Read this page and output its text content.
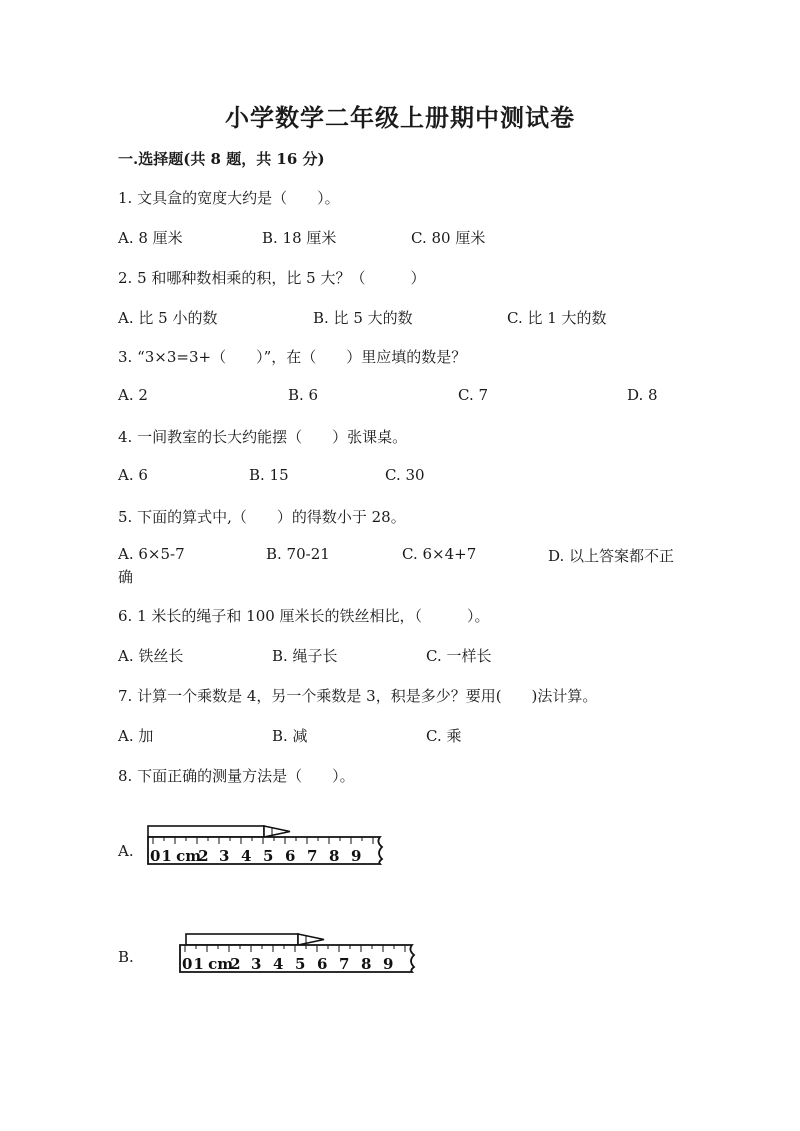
小学数学二年级上册期中测试卷
一.选择题(共 8 题，共 16 分)
1. 文具盒的宽度大约是（　　）。
A. 8 厘米	B. 18 厘米	C. 80 厘米
2. 5 和哪种数相乘的积，比 5 大？（　　　）
A. 比 5 小的数	B. 比 5 大的数	C. 比 1 大的数
3. “3×3=3+（　　）”，在（　　）里应填的数是？
A. 2	B. 6	C. 7	D. 8
4. 一间教室的长大约能摆（　　）张课桌。
A. 6	B. 15	C. 30
5. 下面的算式中,（　　）的得数小于 28。
A. 6×5-7	B. 70-21	C. 6×4+7	D. 以上答案都不正
确
6. 1 米长的绳子和 100 厘米长的铁丝相比，（　　　）。
A. 铁丝长	B. 绳子长	C. 一样长
7. 计算一个乘数是 4，另一个乘数是 3，积是多少？要用(　　)法计算。
A. 加	B. 减	C. 乘
8. 下面正确的测量方法是（　　）。
A.
B.
0 1 cm
2 3 4 5 6 7 8 9
0 1 cm
2 3 4 5 6 7 8 9
